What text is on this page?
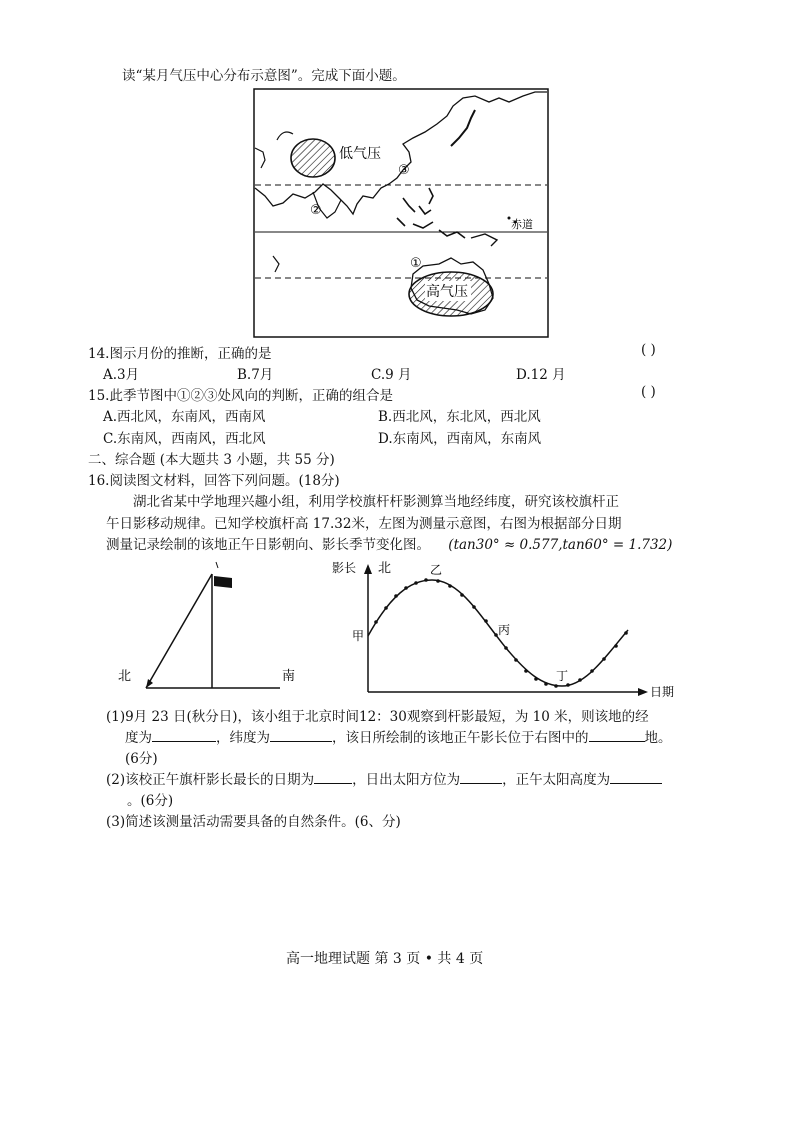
读“某月气压中心分布示意图”。完成下面小题。
低气压
高气压
③
②
①
赤道
14.图示月份的推断，正确的是	( )
A.3月	B.7月	C.9 月	D.12 月
15.此季节图中①②③处风向的判断，正确的组合是	( )
A.西北风，东南风，西南风	B.西北风，东北风，西北风
C.东南风，西南风，西北风	D.东南风，西南风，东南风
二、综合题 (本大题共 3 小题，共 55 分)
16.阅读图文材料，回答下列问题。(18分)
湖北省某中学地理兴趣小组，利用学校旗杆杆影测算当地经纬度，研究该校旗杆正
午日影移动规律。已知学校旗杆高 17.32米，左图为测量示意图，右图为根据部分日期
测量记录绘制的该地正午日影朝向、影长季节变化图。 (tan30° ≈ 0.577,tan60° = 1.732)
北	南
影长 北
日期
甲
乙
丙
丁
(1)9月 23 日(秋分日)，该小组于北京时间12：30观察到杆影最短，为 10 米，则该地的经
度为	，纬度为	，该日所绘制的该地正午影长位于右图中的	地。
(6分)
(2)该校正午旗杆影长最长的日期为	，日出太阳方位为	，正午太阳高度为
。(6分)
(3)简述该测量活动需要具备的自然条件。(6、分)
高一地理试题 第 3 页 • 共 4 页
